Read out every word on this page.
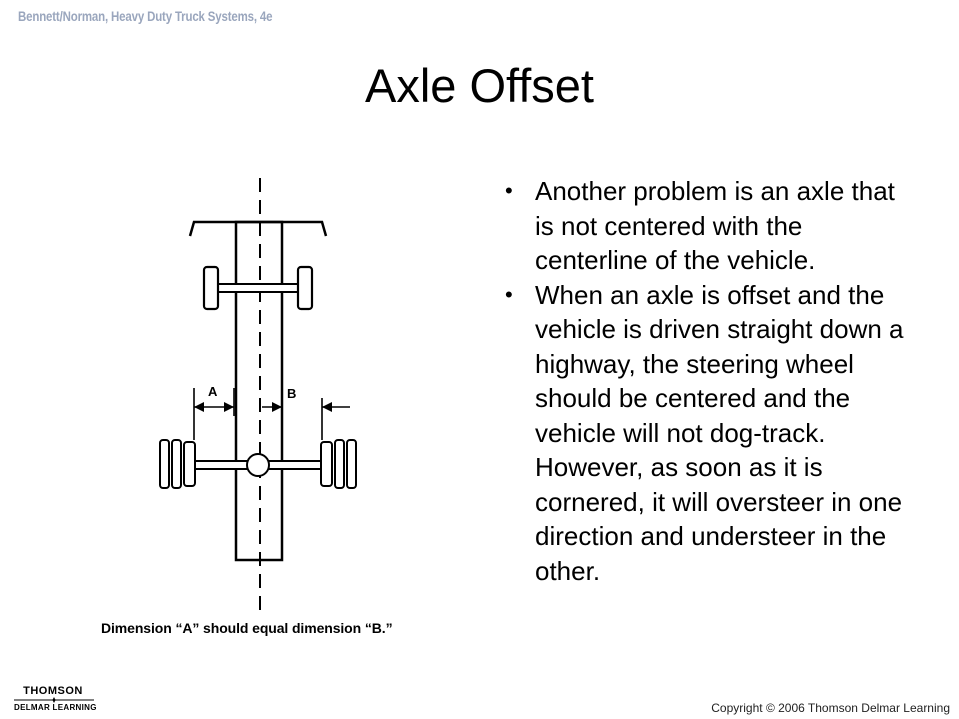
Bennett/Norman, Heavy Duty Truck Systems, 4e
Axle Offset
• Another problem is an axle that is not centered with the centerline of the vehicle.
• When an axle is offset and the vehicle is driven straight down a highway, the steering wheel should be centered and the vehicle will not dog-track. However, as soon as it is cornered, it will oversteer in one direction and understeer in the other.
A	B
Dimension “A” should equal dimension “B.”
THOMSON
DELMAR LEARNING	Copyright © 2006 Thomson Delmar Learning
